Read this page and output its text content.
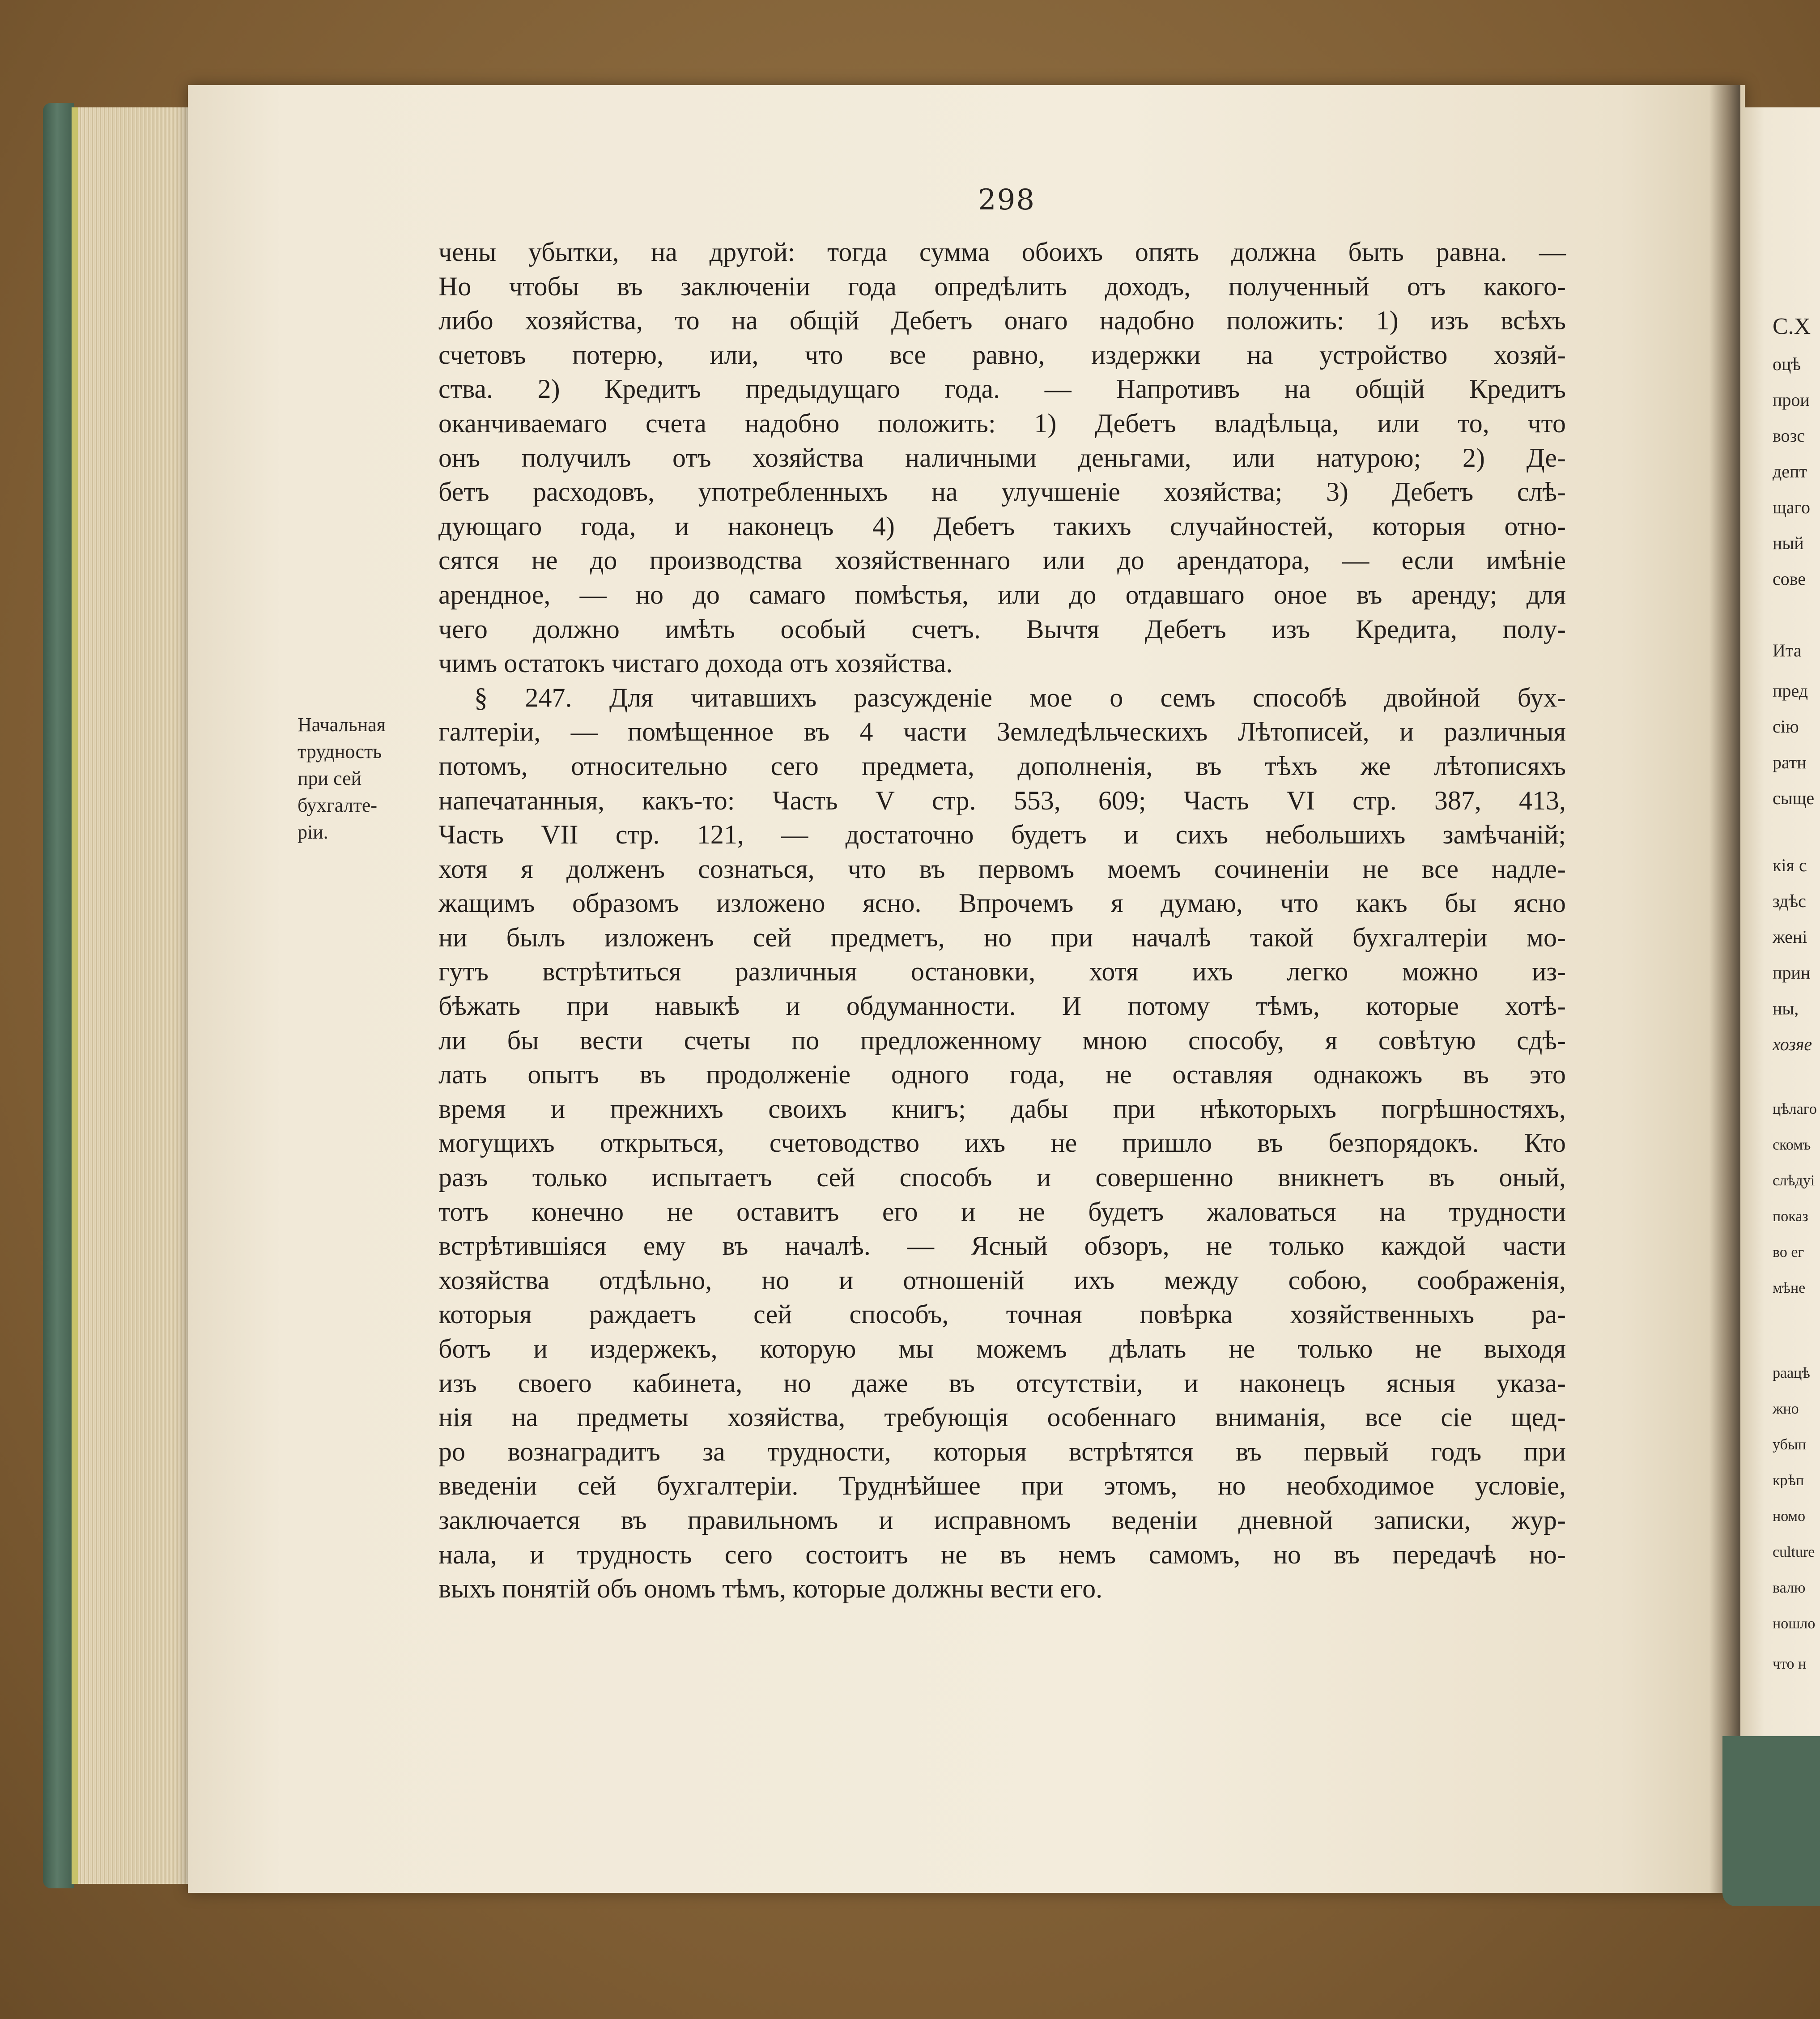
298
Начальная
трудность
при сей
бухгалте-
ріи.
чены убытки, на другой: тогда сумма обоихъ опять должна быть равна. —
Но чтобы въ заключеніи года опредѣлить доходъ, полученный отъ какого-
либо хозяйства, то на общій Дебетъ онаго надобно положить: 1) изъ всѣхъ
счетовъ потерю, или, что все равно, издержки на устройство хозяй-
ства. 2) Кредитъ предыдущаго года. — Напротивъ на общій Кредитъ
оканчиваемаго счета надобно положить: 1) Дебетъ владѣльца, или то, что
онъ получилъ отъ хозяйства наличными деньгами, или натурою; 2) Де-
бетъ расходовъ, употребленныхъ на улучшеніе хозяйства; 3) Дебетъ слѣ-
дующаго года, и наконецъ 4) Дебетъ такихъ случайностей, которыя отно-
сятся не до производства хозяйственнаго или до арендатора, — если имѣніе
арендное, — но до самаго помѣстья, или до отдавшаго оное въ аренду; для
чего должно имѣть особый счетъ. Вычтя Дебетъ изъ Кредита, полу-
чимъ остатокъ чистаго дохода отъ хозяйства.
§ 247. Для читавшихъ разсужденіе мое о семъ способѣ двойной бух-
галтеріи, — помѣщенное въ 4 части Земледѣльческихъ Лѣтописей, и различныя
потомъ, относительно сего предмета, дополненія, въ тѣхъ же лѣтописяхъ
напечатанныя, какъ-то: Часть V стр. 553, 609; Часть VI стр. 387, 413,
Часть VII стр. 121, — достаточно будетъ и сихъ небольшихъ замѣчаній;
хотя я долженъ сознаться, что въ первомъ моемъ сочиненіи не все надле-
жащимъ образомъ изложено ясно. Впрочемъ я думаю, что какъ бы ясно
ни былъ изложенъ сей предметъ, но при началѣ такой бухгалтеріи мо-
гутъ встрѣтиться различныя остановки, хотя ихъ легко можно из-
бѣжать при навыкѣ и обдуманности. И потому тѣмъ, которые хотѣ-
ли бы вести счеты по предложенному мною способу, я совѣтую сдѣ-
лать опытъ въ продолженіе одного года, не оставляя однакожъ въ это
время и прежнихъ своихъ книгъ; дабы при нѣкоторыхъ погрѣшностяхъ,
могущихъ открыться, счетоводство ихъ не пришло въ безпорядокъ. Кто
разъ только испытаетъ сей способъ и совершенно вникнетъ въ оный,
тотъ конечно не оставитъ его и не будетъ жаловаться на трудности
встрѣтившіяся ему въ началѣ. — Ясный обзоръ, не только каждой части
хозяйства отдѣльно, но и отношеній ихъ между собою, соображенія,
которыя раждаетъ сей способъ, точная повѣрка хозяйственныхъ ра-
ботъ и издержекъ, которую мы можемъ дѣлать не только не выходя
изъ своего кабинета, но даже въ отсутствіи, и наконецъ ясныя указа-
нія на предметы хозяйства, требующія особеннаго вниманія, все сіе щед-
ро вознаградитъ за трудности, которыя встрѣтятся въ первый годъ при
введеніи сей бухгалтеріи. Труднѣйшее при этомъ, но необходимое условіе,
заключается въ правильномъ и исправномъ веденіи дневной записки, жур-
нала, и трудность сего состоитъ не въ немъ самомъ, но въ передачѣ но-
выхъ понятій объ ономъ тѣмъ, которые должны вести его.
С.Х
оцѣ
прои
возс
депт
щаго
ный
сове
Ита
пред
сію
ратн
сыще
кія с
здѣс
жені
прин
ны,
хозяе
цѣлаго
скомъ
слѣдуі
показ
во ег
мѣне
раацѣ
жно
убып
крѣп
номо
culture
валю
ношло
что н
